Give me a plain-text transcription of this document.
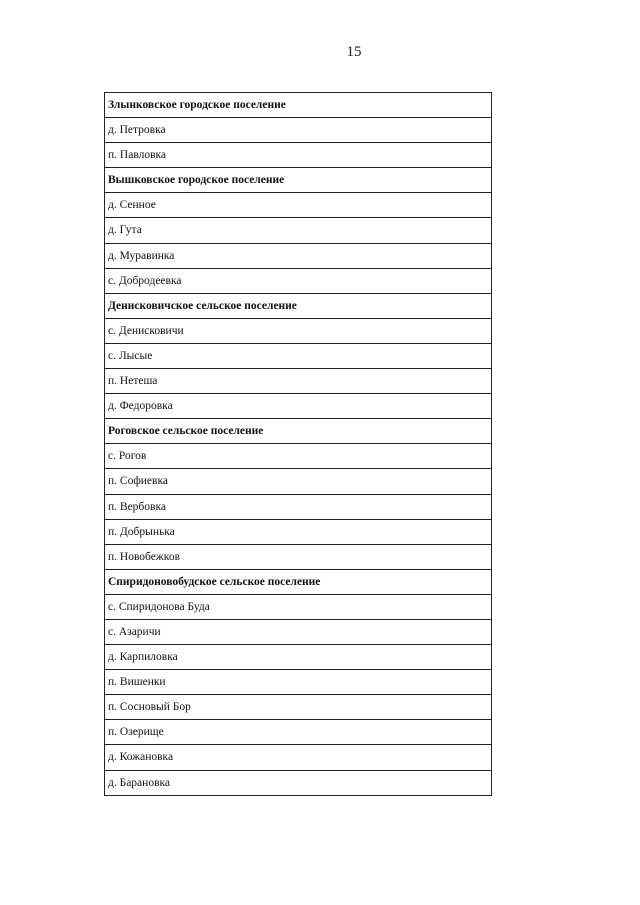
15
Злынковское городское поселение
д. Петровка
п. Павловка
Вышковское городское поселение
д. Сенное
д. Гута
д. Муравинка
с. Добродеевка
Денисковичское сельское поселение
с. Денисковичи
с. Лысые
п. Нетеша
д. Федоровка
Роговское сельское поселение
с. Рогов
п. Софиевка
п. Вербовка
п. Добрынька
п. Новобежков
Спиридоновобудское сельское поселение
с. Спиридонова Буда
с. Азаричи
д. Карпиловка
п. Вишенки
п. Сосновый Бор
п. Озерище
д. Кожановка
д. Барановка
